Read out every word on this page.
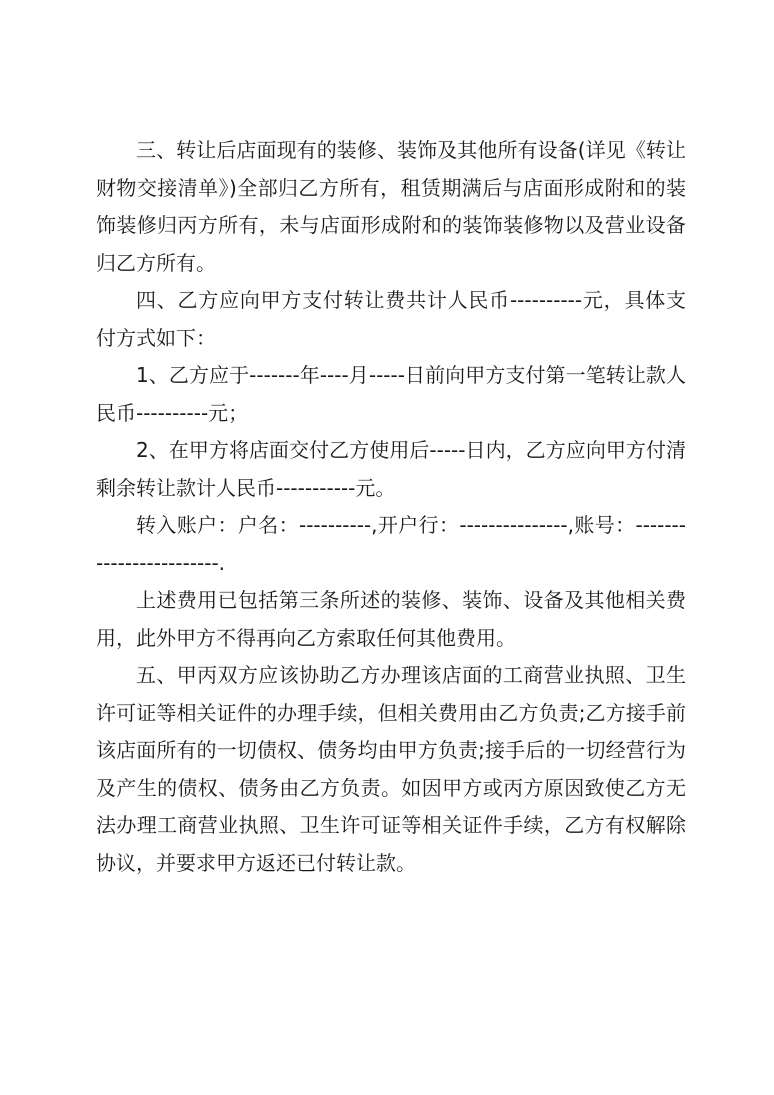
三、转让后店面现有的装修、装饰及其他所有设备(详见《转让财物交接清单》)全部归乙方所有，租赁期满后与店面形成附和的装饰装修归丙方所有，未与店面形成附和的装饰装修物以及营业设备归乙方所有。

四、乙方应向甲方支付转让费共计人民币----------元，具体支付方式如下：

1、乙方应于-------年----月-----日前向甲方支付第一笔转让款人民币----------元；

2、在甲方将店面交付乙方使用后-----日内，乙方应向甲方付清剩余转让款计人民币-----------元。

转入账户：户名：----------,开户行：---------------,账号：------------------------.

上述费用已包括第三条所述的装修、装饰、设备及其他相关费用，此外甲方不得再向乙方索取任何其他费用。

五、甲丙双方应该协助乙方办理该店面的工商营业执照、卫生许可证等相关证件的办理手续，但相关费用由乙方负责;乙方接手前该店面所有的一切债权、债务均由甲方负责;接手后的一切经营行为及产生的债权、债务由乙方负责。如因甲方或丙方原因致使乙方无法办理工商营业执照、卫生许可证等相关证件手续，乙方有权解除协议，并要求甲方返还已付转让款。
